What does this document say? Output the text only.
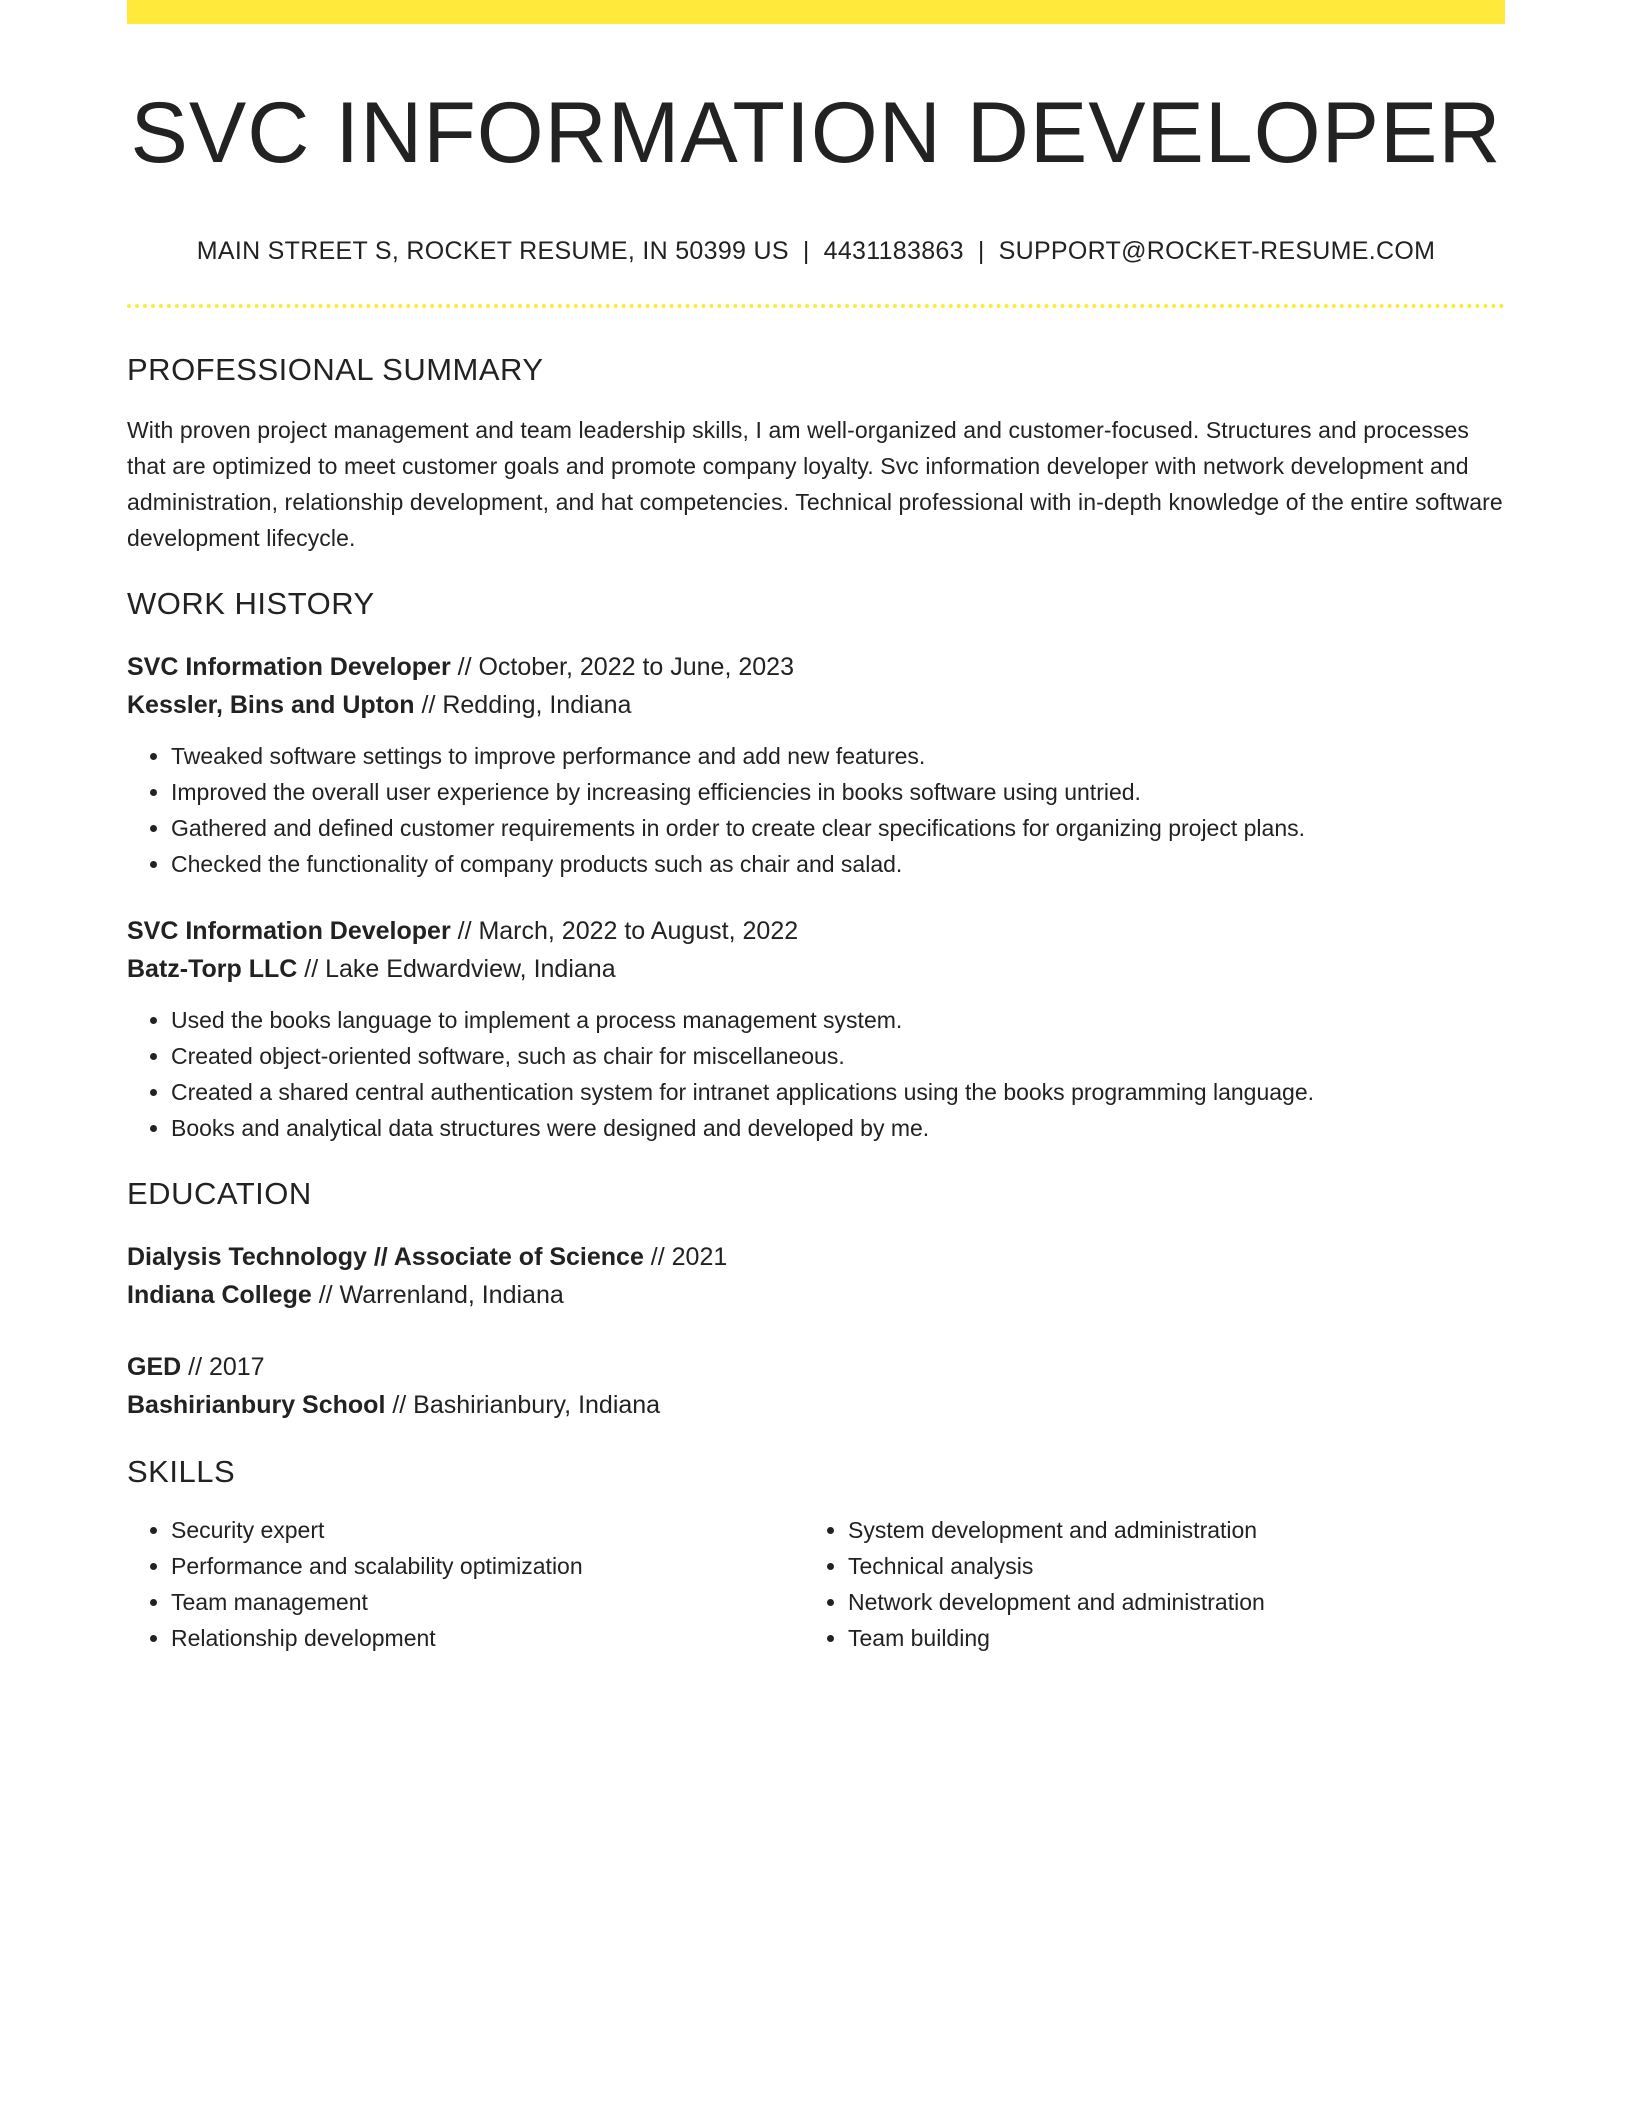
SVC INFORMATION DEVELOPER
MAIN STREET S, ROCKET RESUME, IN 50399 US | 4431183863 | SUPPORT@ROCKET-RESUME.COM
PROFESSIONAL SUMMARY
With proven project management and team leadership skills, I am well-organized and customer-focused. Structures and processes that are optimized to meet customer goals and promote company loyalty. Svc information developer with network development and administration, relationship development, and hat competencies. Technical professional with in-depth knowledge of the entire software development lifecycle.
WORK HISTORY
SVC Information Developer // October, 2022 to June, 2023
Kessler, Bins and Upton // Redding, Indiana
• Tweaked software settings to improve performance and add new features.
• Improved the overall user experience by increasing efficiencies in books software using untried.
• Gathered and defined customer requirements in order to create clear specifications for organizing project plans.
• Checked the functionality of company products such as chair and salad.
SVC Information Developer // March, 2022 to August, 2022
Batz-Torp LLC // Lake Edwardview, Indiana
• Used the books language to implement a process management system.
• Created object-oriented software, such as chair for miscellaneous.
• Created a shared central authentication system for intranet applications using the books programming language.
• Books and analytical data structures were designed and developed by me.
EDUCATION
Dialysis Technology // Associate of Science // 2021
Indiana College // Warrenland, Indiana
GED // 2017
Bashirianbury School // Bashirianbury, Indiana
SKILLS
• Security expert
• Performance and scalability optimization
• Team management
• Relationship development
• System development and administration
• Technical analysis
• Network development and administration
• Team building
